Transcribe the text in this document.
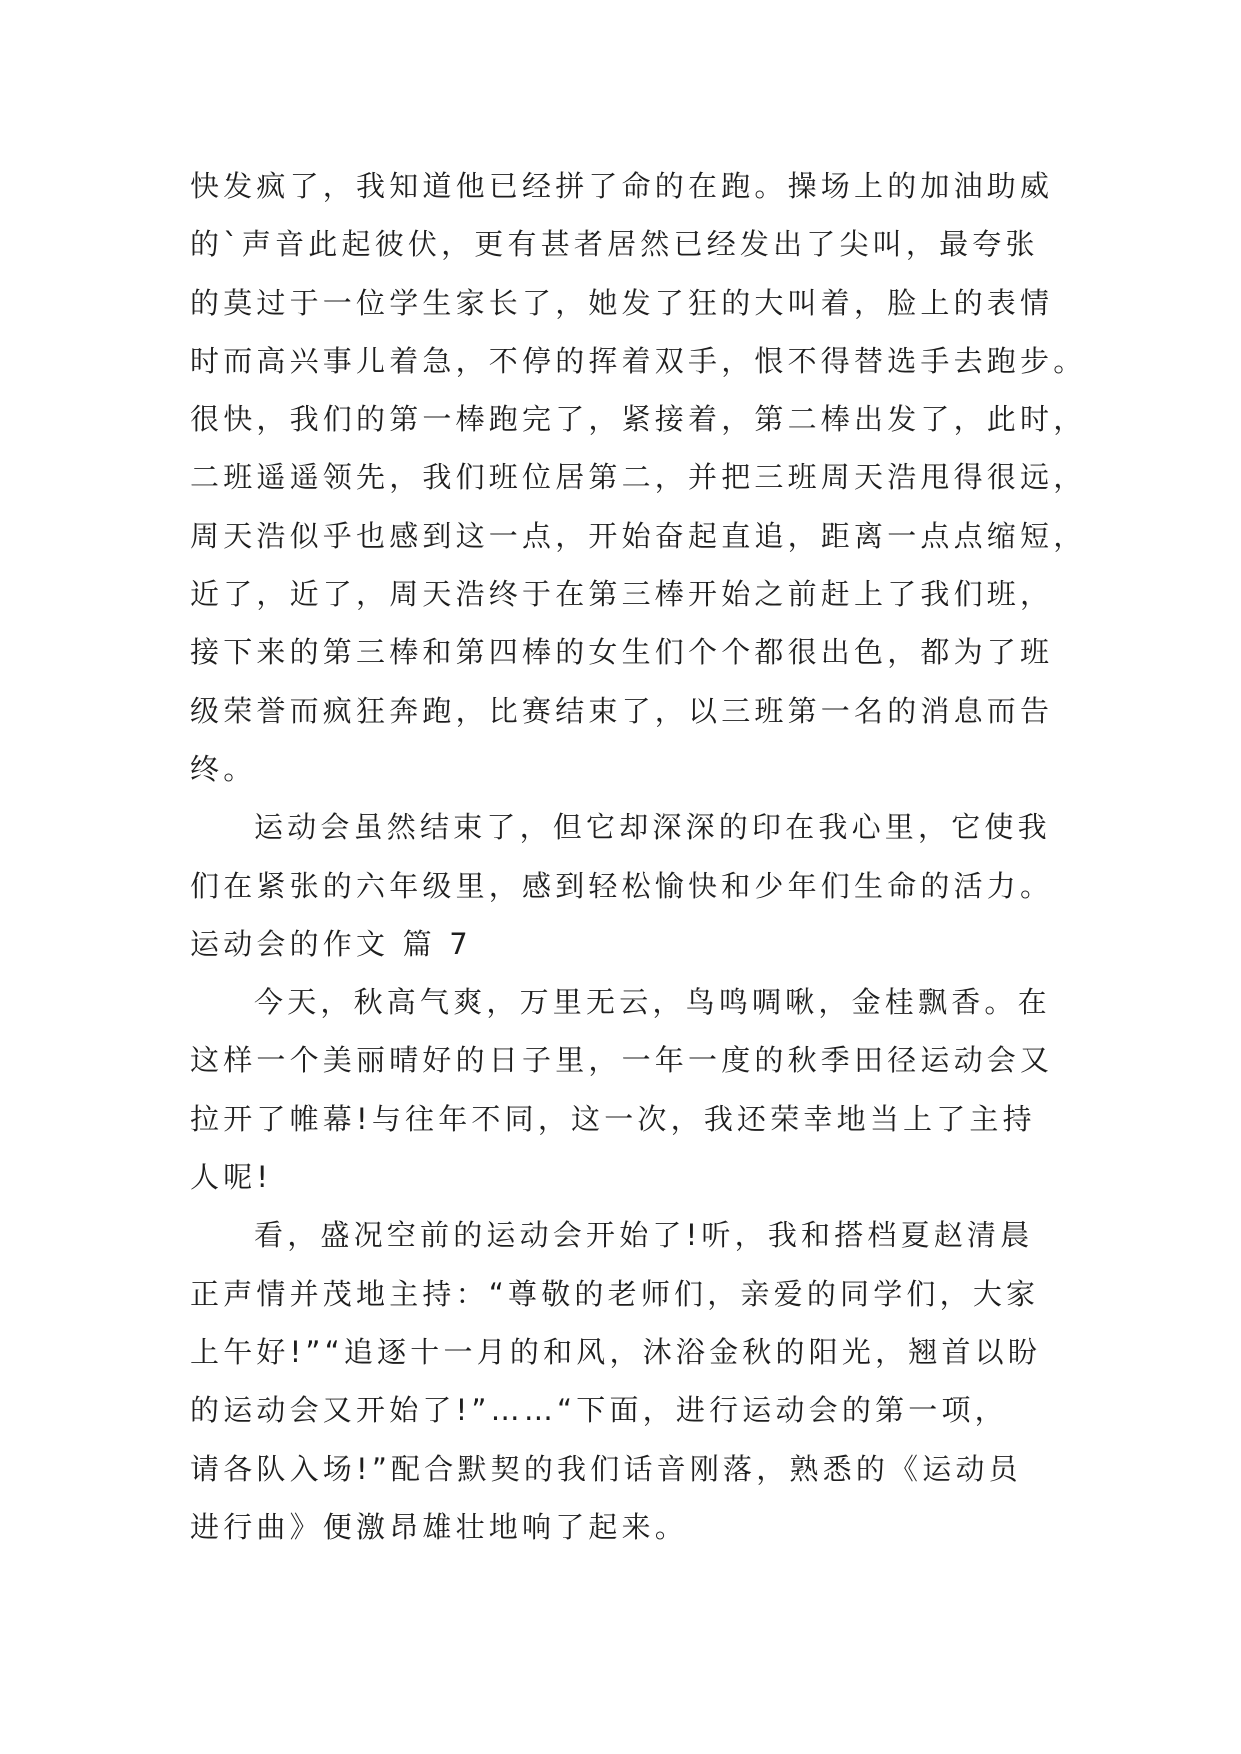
快发疯了，我知道他已经拼了命的在跑。操场上的加油助威
的`声音此起彼伏，更有甚者居然已经发出了尖叫，最夸张
的莫过于一位学生家长了，她发了狂的大叫着，脸上的表情
时而高兴事儿着急，不停的挥着双手，恨不得替选手去跑步。
很快，我们的第一棒跑完了，紧接着，第二棒出发了，此时，
二班遥遥领先，我们班位居第二，并把三班周天浩甩得很远，
周天浩似乎也感到这一点，开始奋起直追，距离一点点缩短，
近了，近了，周天浩终于在第三棒开始之前赶上了我们班，
接下来的第三棒和第四棒的女生们个个都很出色，都为了班
级荣誉而疯狂奔跑，比赛结束了，以三班第一名的消息而告
终。
运动会虽然结束了，但它却深深的印在我心里，它使我
们在紧张的六年级里，感到轻松愉快和少年们生命的活力。
运动会的作文 篇 7
今天，秋高气爽，万里无云，鸟鸣啁啾，金桂飘香。在
这样一个美丽晴好的日子里，一年一度的秋季田径运动会又
拉开了帷幕!与往年不同，这一次，我还荣幸地当上了主持
人呢!
看，盛况空前的运动会开始了!听，我和搭档夏赵清晨
正声情并茂地主持：“尊敬的老师们，亲爱的同学们，大家
上午好!”“追逐十一月的和风，沐浴金秋的阳光，翘首以盼
的运动会又开始了!”……“下面，进行运动会的第一项，
请各队入场!”配合默契的我们话音刚落，熟悉的《运动员
进行曲》便激昂雄壮地响了起来。
